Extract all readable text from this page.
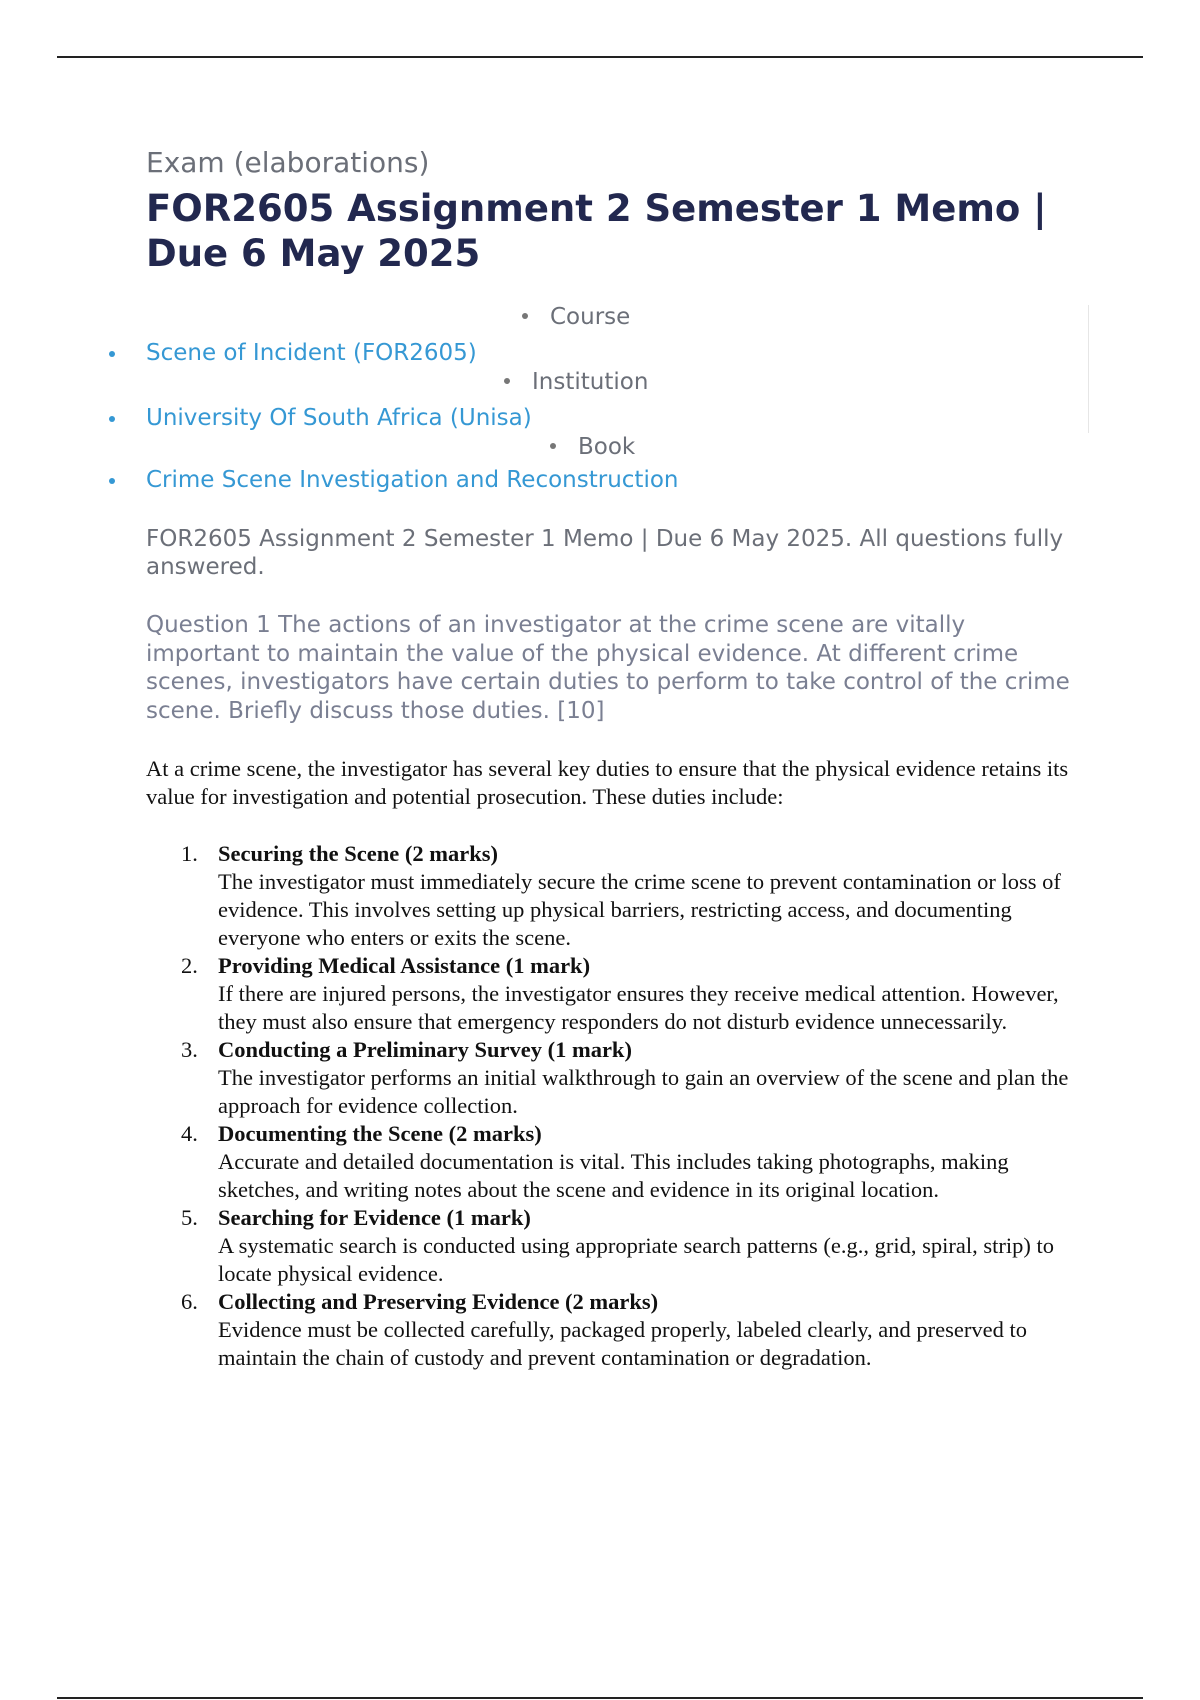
Exam (elaborations)
FOR2605 Assignment 2 Semester 1 Memo | Due 6 May 2025
Course
Scene of Incident (FOR2605)
Institution
University Of South Africa (Unisa)
Book
Crime Scene Investigation and Reconstruction
FOR2605 Assignment 2 Semester 1 Memo | Due 6 May 2025. All questions fully answered.
Question 1 The actions of an investigator at the crime scene are vitally important to maintain the value of the physical evidence. At different crime scenes, investigators have certain duties to perform to take control of the crime scene. Briefly discuss those duties. [10]
At a crime scene, the investigator has several key duties to ensure that the physical evidence retains its value for investigation and potential prosecution. These duties include:
1. Securing the Scene (2 marks)
The investigator must immediately secure the crime scene to prevent contamination or loss of evidence. This involves setting up physical barriers, restricting access, and documenting everyone who enters or exits the scene.
2. Providing Medical Assistance (1 mark)
If there are injured persons, the investigator ensures they receive medical attention. However, they must also ensure that emergency responders do not disturb evidence unnecessarily.
3. Conducting a Preliminary Survey (1 mark)
The investigator performs an initial walkthrough to gain an overview of the scene and plan the approach for evidence collection.
4. Documenting the Scene (2 marks)
Accurate and detailed documentation is vital. This includes taking photographs, making sketches, and writing notes about the scene and evidence in its original location.
5. Searching for Evidence (1 mark)
A systematic search is conducted using appropriate search patterns (e.g., grid, spiral, strip) to locate physical evidence.
6. Collecting and Preserving Evidence (2 marks)
Evidence must be collected carefully, packaged properly, labeled clearly, and preserved to maintain the chain of custody and prevent contamination or degradation.
